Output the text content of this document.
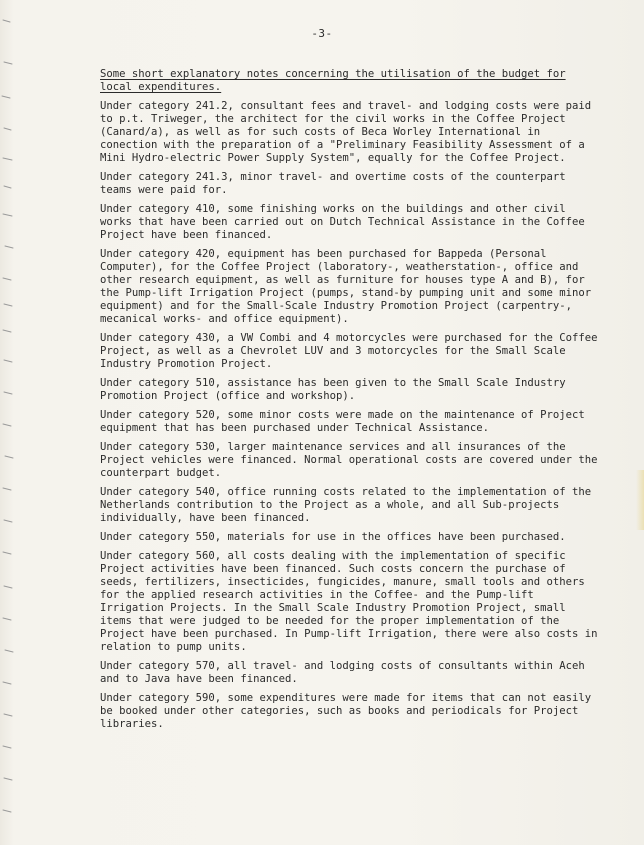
-3-

Some short explanatory notes concerning the utilisation of the budget for local expenditures.

Under category 241.2, consultant fees and travel- and lodging costs were paid to p.t. Triweger, the architect for the civil works in the Coffee Project (Canard/a), as well as for such costs of Beca Worley International in conection with the preparation of a "Preliminary Feasibility Assessment of a Mini Hydro-electric Power Supply System", equally for the Coffee Project.

Under category 241.3, minor travel- and overtime costs of the counterpart teams were paid for.

Under category 410, some finishing works on the buildings and other civil works that have been carried out on Dutch Technical Assistance in the Coffee Project have been financed.

Under category 420, equipment has been purchased for Bappeda (Personal Computer), for the Coffee Project (laboratory-, weatherstation-, office and other research equipment, as well as furniture for houses type A and B), for the Pump-lift Irrigation Project (pumps, stand-by pumping unit and some minor equipment) and for the Small-Scale Industry Promotion Project (carpentry-, mecanical works- and office equipment).

Under category 430, a VW Combi and 4 motorcycles were purchased for the Coffee Project, as well as a Chevrolet LUV and 3 motorcycles for the Small Scale Industry Promotion Project.

Under category 510, assistance has been given to the Small Scale Industry Promotion Project (office and workshop).

Under category 520, some minor costs were made on the maintenance of Project equipment that has been purchased under Technical Assistance.

Under category 530, larger maintenance services and all insurances of the Project vehicles were financed. Normal operational costs are covered under the counterpart budget.

Under category 540, office running costs related to the implementation of the Netherlands contribution to the Project as a whole, and all Sub-projects individually, have been financed.

Under category 550, materials for use in the offices have been purchased.

Under category 560, all costs dealing with the implementation of specific Project activities have been financed. Such costs concern the purchase of seeds, fertilizers, insecticides, fungicides, manure, small tools and others for the applied research activities in the Coffee- and the Pump-lift Irrigation Projects. In the Small Scale Industry Promotion Project, small items that were judged to be needed for the proper implementation of the Project have been purchased. In Pump-lift Irrigation, there were also costs in relation to pump units.

Under category 570, all travel- and lodging costs of consultants within Aceh and to Java have been financed.

Under category 590, some expenditures were made for items that can not easily be booked under other categories, such as books and periodicals for Project libraries.
